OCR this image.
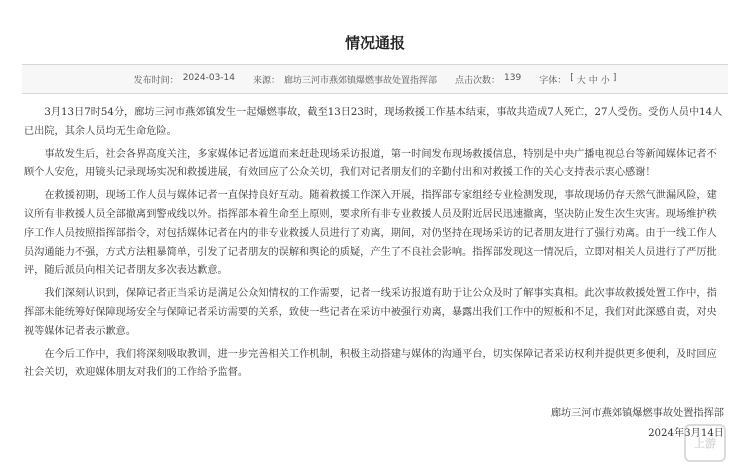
情况通报
发布时间： 2024-03-14 来源： 廊坊三河市燕郊镇爆燃事故处置指挥部 点击次数： 139 字体： [ 大 中 小 ]

3月13日7时54分，廊坊三河市燕郊镇发生一起爆燃事故，截至13日23时，现场救援工作基本结束，事故共造成7人死亡，27人受伤。受伤人员中14人已出院，其余人员均无生命危险。

事故发生后，社会各界高度关注，多家媒体记者远道而来赶赴现场采访报道，第一时间发布现场救援信息，特别是中央广播电视总台等新闻媒体记者不顾个人安危，用镜头记录现场实况和救援进展，有效回应了公众关切，我们对记者朋友们的辛勤付出和对救援工作的关心支持表示衷心感谢！

在救援初期，现场工作人员与媒体记者一直保持良好互动。随着救援工作深入开展，指挥部专家组经专业检测发现，事故现场仍存天然气泄漏风险，建议所有非救援人员全部撤离到警戒线以外。指挥部本着生命至上原则，要求所有非专业救援人员及附近居民迅速撤离，坚决防止发生次生灾害。现场维护秩序工作人员按照指挥部指令，对包括媒体记者在内的非专业救援人员进行了劝离，期间，对仍坚持在现场采访的记者朋友进行了强行劝离。由于一线工作人员沟通能力不强，方式方法粗暴简单，引发了记者朋友的误解和舆论的质疑，产生了不良社会影响。指挥部发现这一情况后，立即对相关人员进行了严厉批评，随后派员向相关记者朋友多次表达歉意。

我们深刻认识到，保障记者正当采访是满足公众知情权的工作需要，记者一线采访报道有助于让公众及时了解事实真相。此次事故救援处置工作中，指挥部未能统筹好保障现场安全与保障记者采访需要的关系，致使一些记者在采访中被强行劝离，暴露出我们工作中的短板和不足，我们对此深感自责，对央视等媒体记者表示歉意。

在今后工作中，我们将深刻吸取教训，进一步完善相关工作机制，积极主动搭建与媒体的沟通平台，切实保障记者采访权利并提供更多便利，及时回应社会关切，欢迎媒体朋友对我们的工作给予监督。

廊坊三河市燕郊镇爆燃事故处置指挥部
2024年3月14日
上游
